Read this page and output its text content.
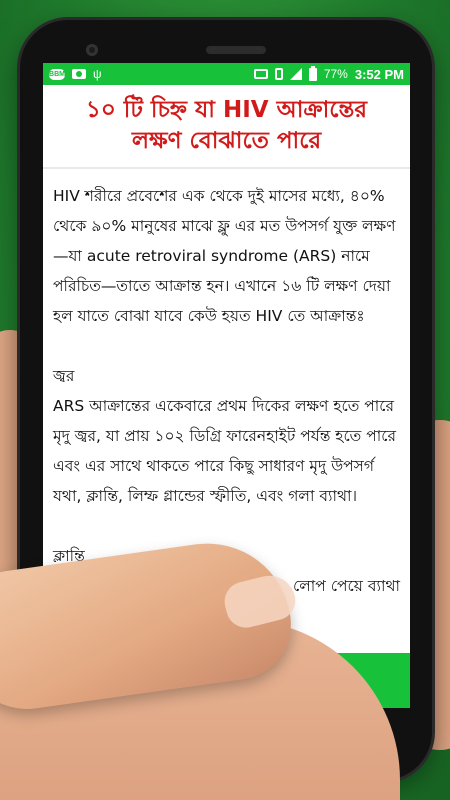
BBM ψ	77% 3:52 PM
১০ টি চিহ্ন যা HIV আক্রান্তের
লক্ষণ বোঝাতে পারে

HIV শরীরে প্রবেশের এক থেকে দুই মাসের মধ্যে, ৪০% থেকে ৯০% মানুষের মাঝে ফ্লু এর মত উপসর্গ যুক্ত লক্ষণ—যা acute retroviral syndrome (ARS) নামে পরিচিত—তাতে আক্রান্ত হন। এখানে ১৬ টি লক্ষণ দেয়া হল যাতে বোঝা যাবে কেউ হয়ত HIV তে আক্রান্তঃ

জ্বর

ARS আক্রান্তের একেবারে প্রথম দিকের লক্ষণ হতে পারে মৃদু জ্বর, যা প্রায় ১০২ ডিগ্রি ফারেনহাইট পর্যন্ত হতে পারে এবং এর সাথে থাকতে পারে কিছু সাধারণ মৃদু উপসর্গ যথা, ক্লান্তি, লিম্ফ গ্লান্ডের স্ফীতি, এবং গলা ব্যাথা।

ক্লান্তি

লোপ পেয়ে ব্যাথা
